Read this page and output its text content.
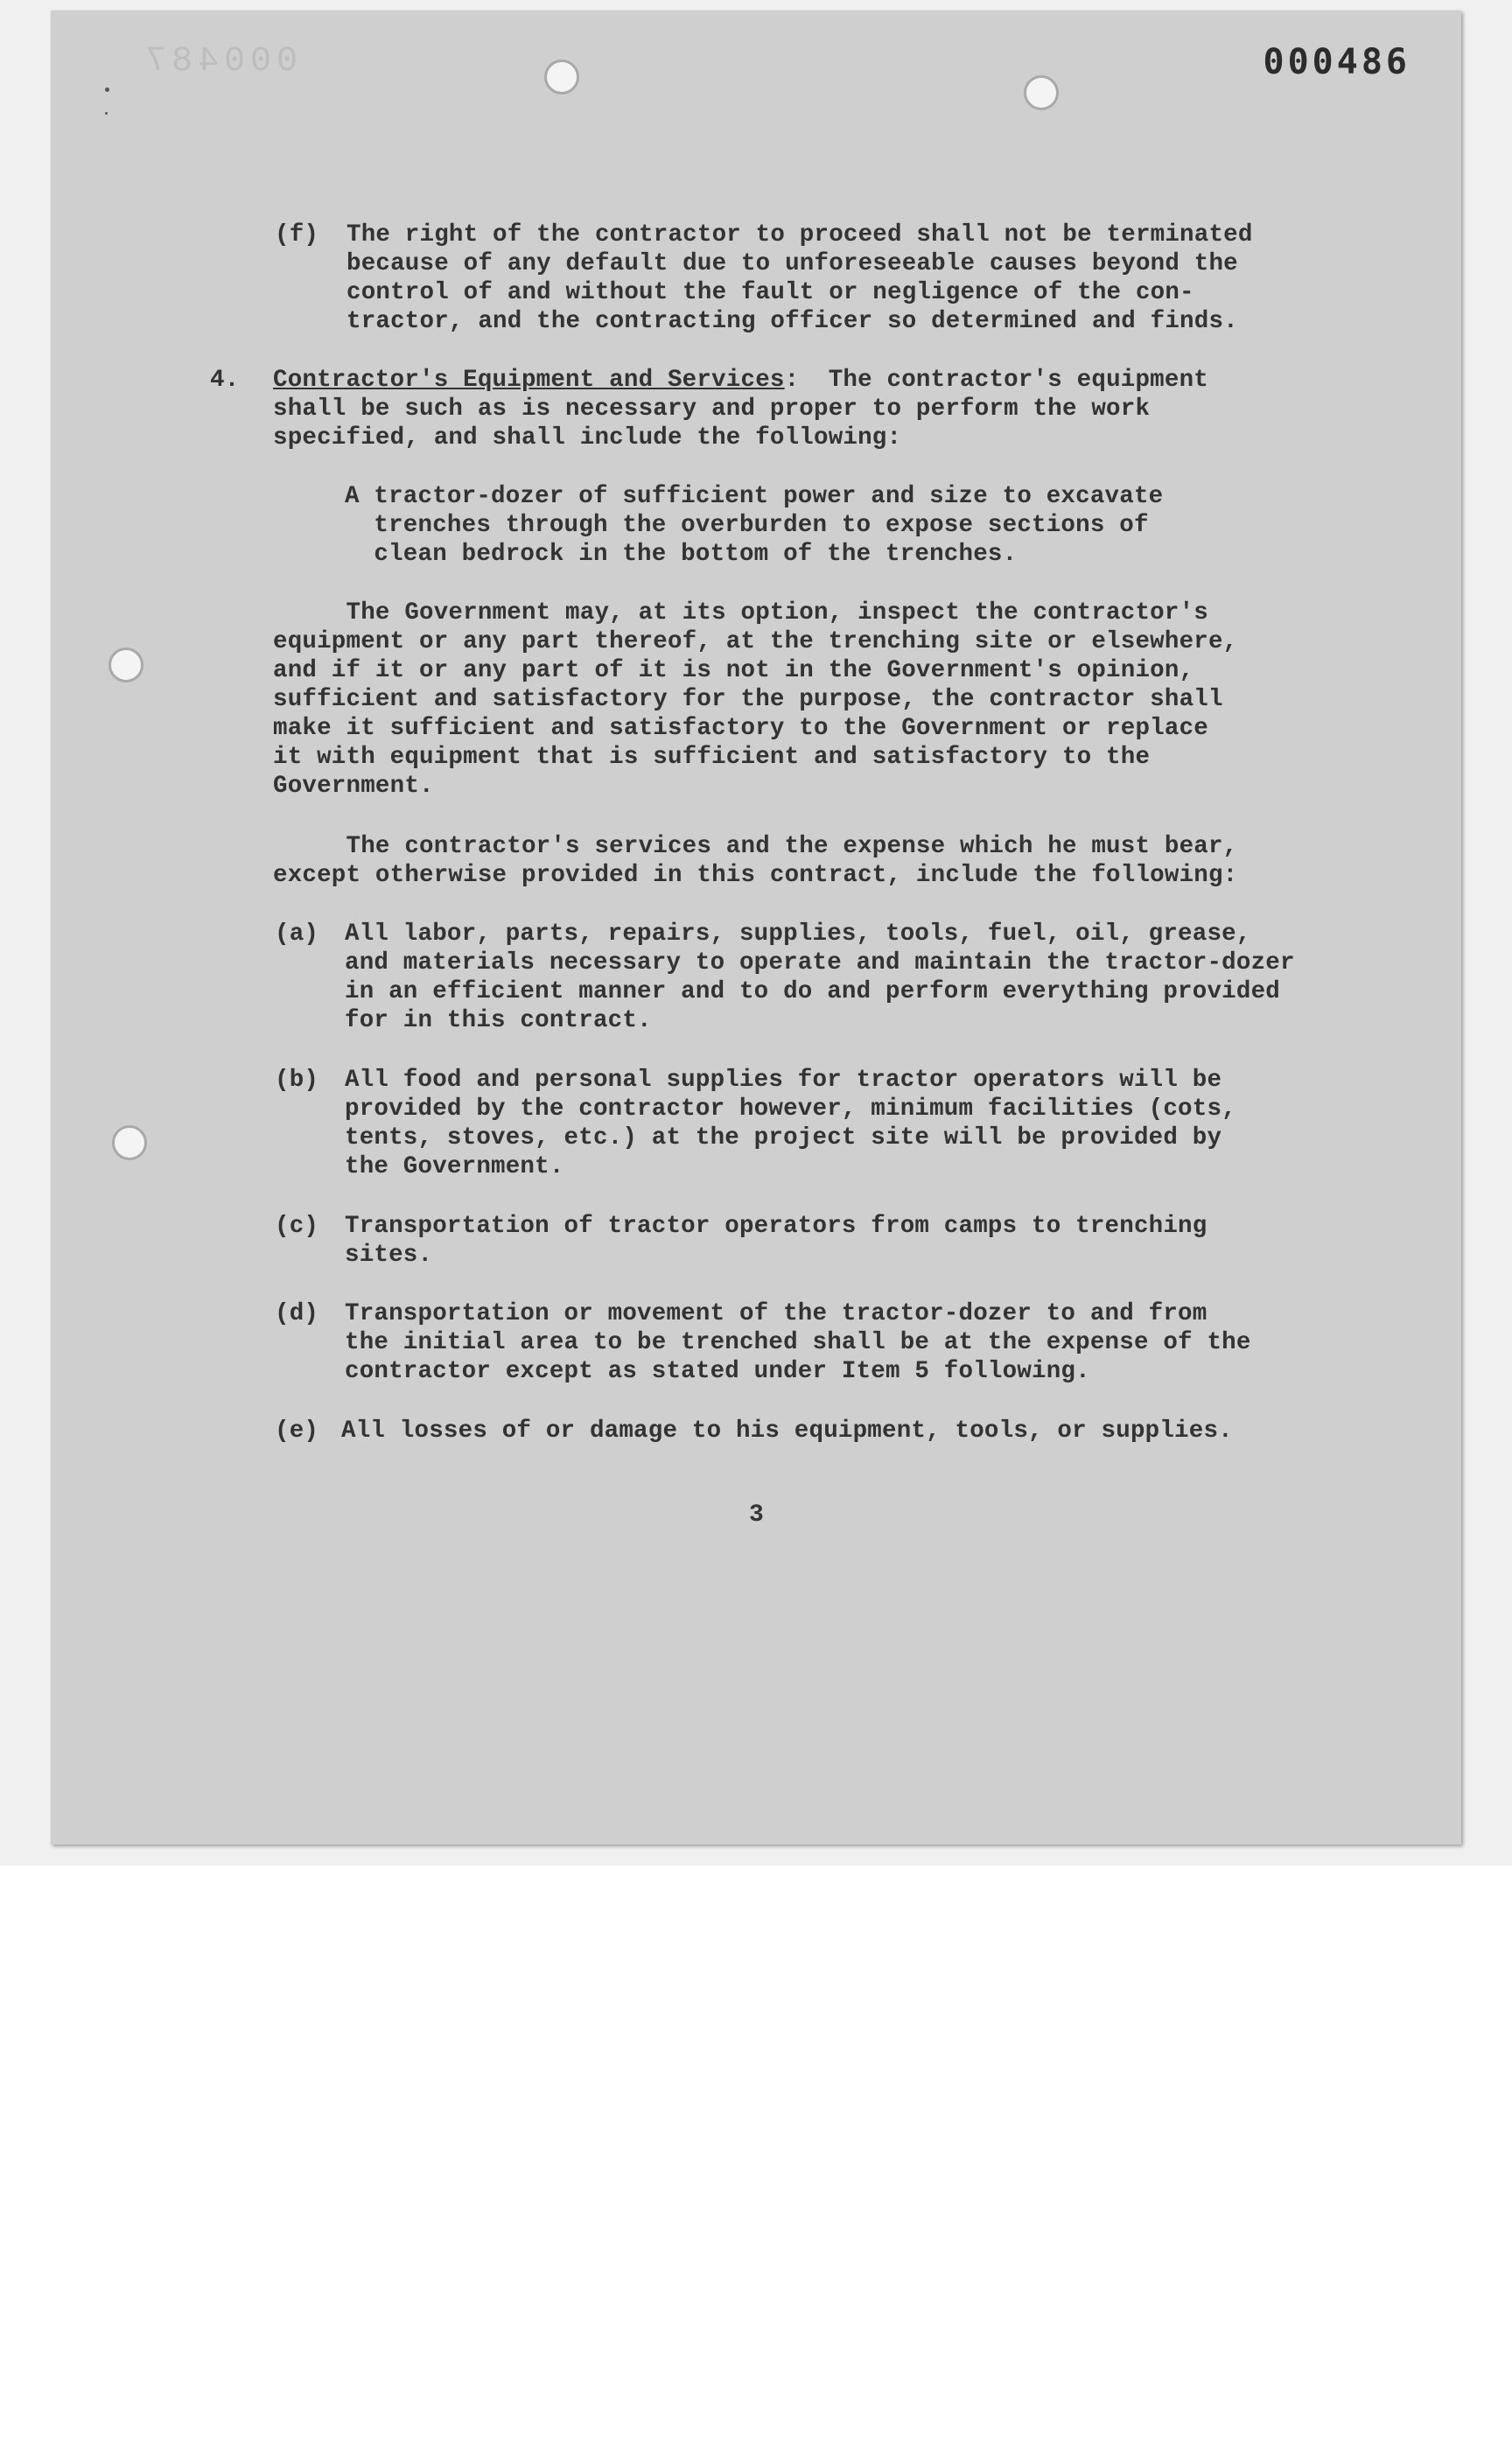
000487	000486
(f) The right of the contractor to proceed shall not be terminated
because of any default due to unforeseeable causes beyond the
control of and without the fault or negligence of the con-
tractor, and the contracting officer so determined and finds.
4. Contractor's Equipment and Services:  The contractor's equipment
shall be such as is necessary and proper to perform the work
specified, and shall include the following:
A tractor-dozer of sufficient power and size to excavate
trenches through the overburden to expose sections of
clean bedrock in the bottom of the trenches.
The Government may, at its option, inspect the contractor's
equipment or any part thereof, at the trenching site or elsewhere,
and if it or any part of it is not in the Government's opinion,
sufficient and satisfactory for the purpose, the contractor shall
make it sufficient and satisfactory to the Government or replace
it with equipment that is sufficient and satisfactory to the
Government.
The contractor's services and the expense which he must bear,
except otherwise provided in this contract, include the following:
(a) All labor, parts, repairs, supplies, tools, fuel, oil, grease,
and materials necessary to operate and maintain the tractor-dozer
in an efficient manner and to do and perform everything provided
for in this contract.
(b) All food and personal supplies for tractor operators will be
provided by the contractor however, minimum facilities (cots,
tents, stoves, etc.) at the project site will be provided by
the Government.
(c) Transportation of tractor operators from camps to trenching
sites.
(d) Transportation or movement of the tractor-dozer to and from
the initial area to be trenched shall be at the expense of the
contractor except as stated under Item 5 following.
(e) All losses of or damage to his equipment, tools, or supplies.
3
